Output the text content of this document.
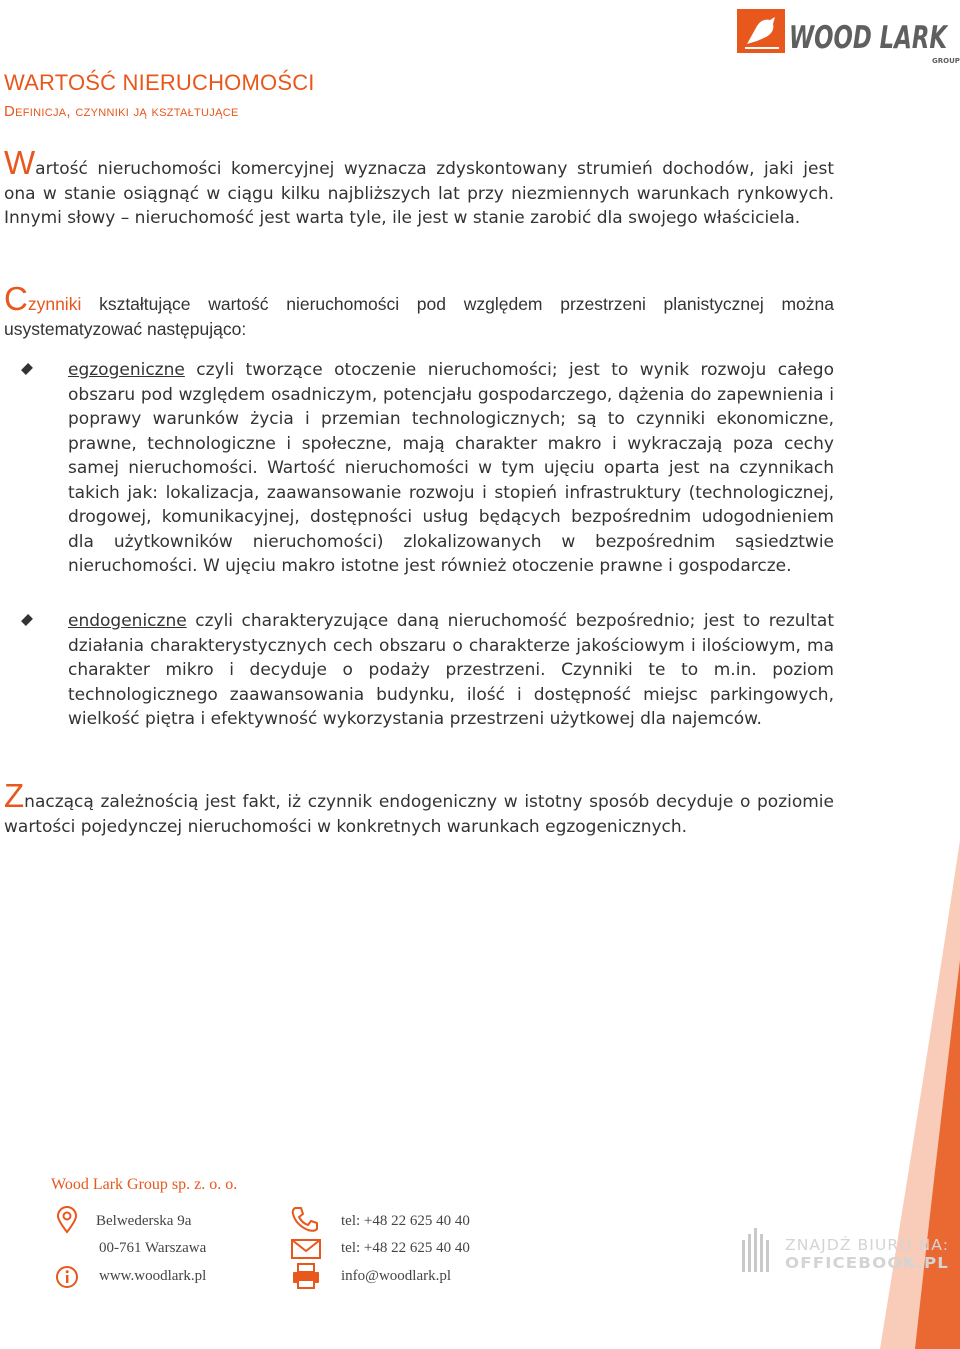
WOOD LARK
GROUP
WARTOŚĆ NIERUCHOMOŚCI
Definicja, czynniki ją kształtujące

Wartość nieruchomości komercyjnej wyznacza zdyskontowany strumień dochodów, jaki jest ona w stanie osiągnąć w ciągu kilku najbliższych lat przy niezmiennych warunkach rynkowych. Innymi słowy – nieruchomość jest warta tyle, ile jest w stanie zarobić dla swojego właściciela.

Czynniki kształtujące wartość nieruchomości pod względem przestrzeni planistycznej można usystematyzować następująco:

egzogeniczne czyli tworzące otoczenie nieruchomości; jest to wynik rozwoju całego obszaru pod względem osadniczym, potencjału gospodarczego, dążenia do zapewnienia i poprawy warunków życia i przemian technologicznych; są to czynniki ekonomiczne, prawne, technologiczne i społeczne, mają charakter makro i wykraczają poza cechy samej nieruchomości. Wartość nieruchomości w tym ujęciu oparta jest na czynnikach takich jak: lokalizacja, zaawansowanie rozwoju i stopień infrastruktury (technologicznej, drogowej, komunikacyjnej, dostępności usług będących bezpośrednim udogodnieniem dla użytkowników nieruchomości) zlokalizowanych w bezpośrednim sąsiedztwie nieruchomości. W ujęciu makro istotne jest również otoczenie prawne i gospodarcze.

endogeniczne czyli charakteryzujące daną nieruchomość bezpośrednio; jest to rezultat działania charakterystycznych cech obszaru o charakterze jakościowym i ilościowym, ma charakter mikro i decyduje o podaży przestrzeni. Czynniki te to m.in. poziom technologicznego zaawansowania budynku, ilość i dostępność miejsc parkingowych, wielkość piętra i efektywność wykorzystania przestrzeni użytkowej dla najemców.

Znaczącą zależnością jest fakt, iż czynnik endogeniczny w istotny sposób decyduje o poziomie wartości pojedynczej nieruchomości w konkretnych warunkach egzogenicznych.

Wood Lark Group sp. z. o. o.
Belwederska 9a
00-761 Warszawa
www.woodlark.pl
tel: +48 22 625 40 40
tel: +48 22 625 40 40
info@woodlark.pl
ZNAJDŹ BIURO NA:
OFFICEBOOK.PL
